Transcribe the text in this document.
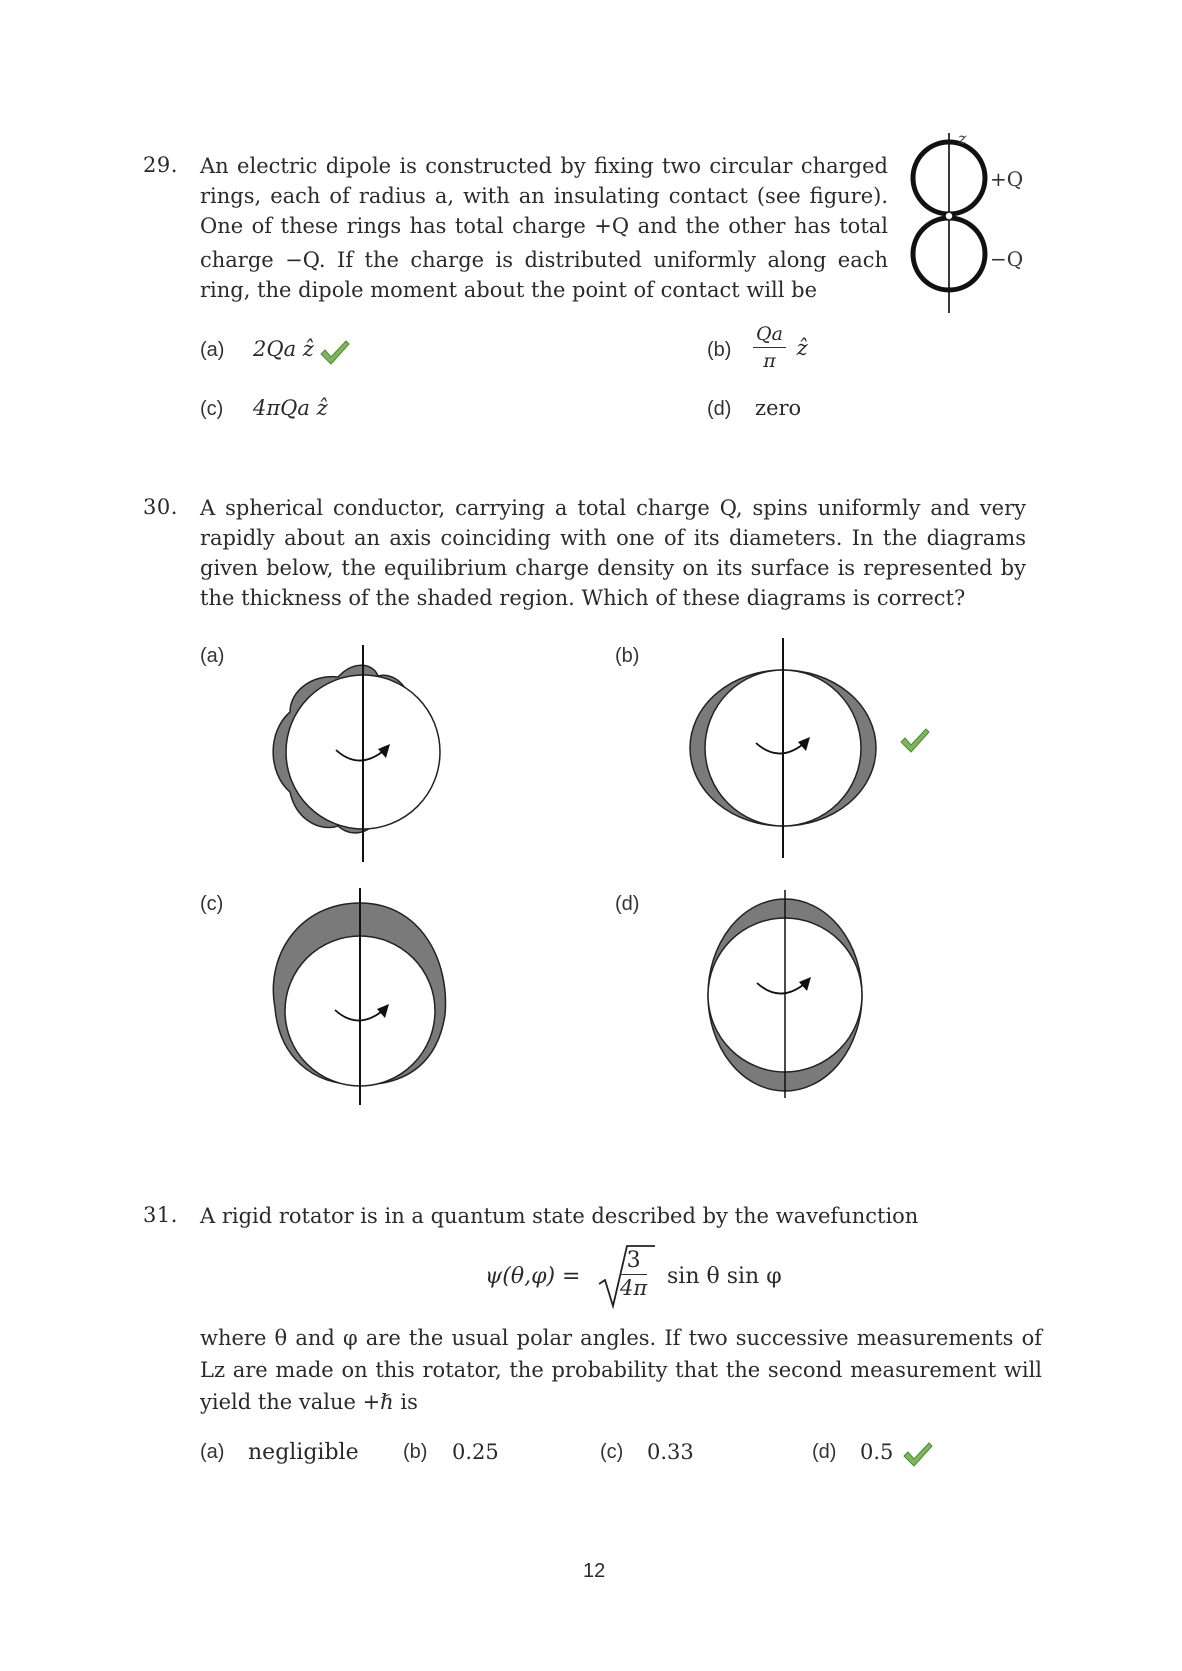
29. An electric dipole is constructed by fixing two circular charged
rings, each of radius a, with an insulating contact (see figure).
One of these rings has total charge +Q and the other has total
charge −Q. If the charge is distributed uniformly along each
ring, the dipole moment about the point of contact will be
z
+Q
−Q
(a) 2Qa ẑ	$(b) \frac{Qa}{\pi}$ ẑ
(c) 4πQa ẑ	(d) zero
30. A spherical conductor, carrying a total charge Q, spins uniformly and very
rapidly about an axis coinciding with one of its diameters. In the diagrams
given below, the equilibrium charge density on its surface is represented by
the thickness of the shaded region. Which of these diagrams is correct?
(a)	(b)
(c)	(d)
31. A rigid rotator is in a quantum state described by the wavefunction
$\psi(\theta,\varphi) = \frac{3}{4\pi}$ sin θ sin φ
where θ and φ are the usual polar angles. If two successive measurements of
Lz are made on this rotator, the probability that the second measurement will
yield the value +ℏ is
(a) negligible (b) 0.25	(c) 0.33	(d) 0.5
12
